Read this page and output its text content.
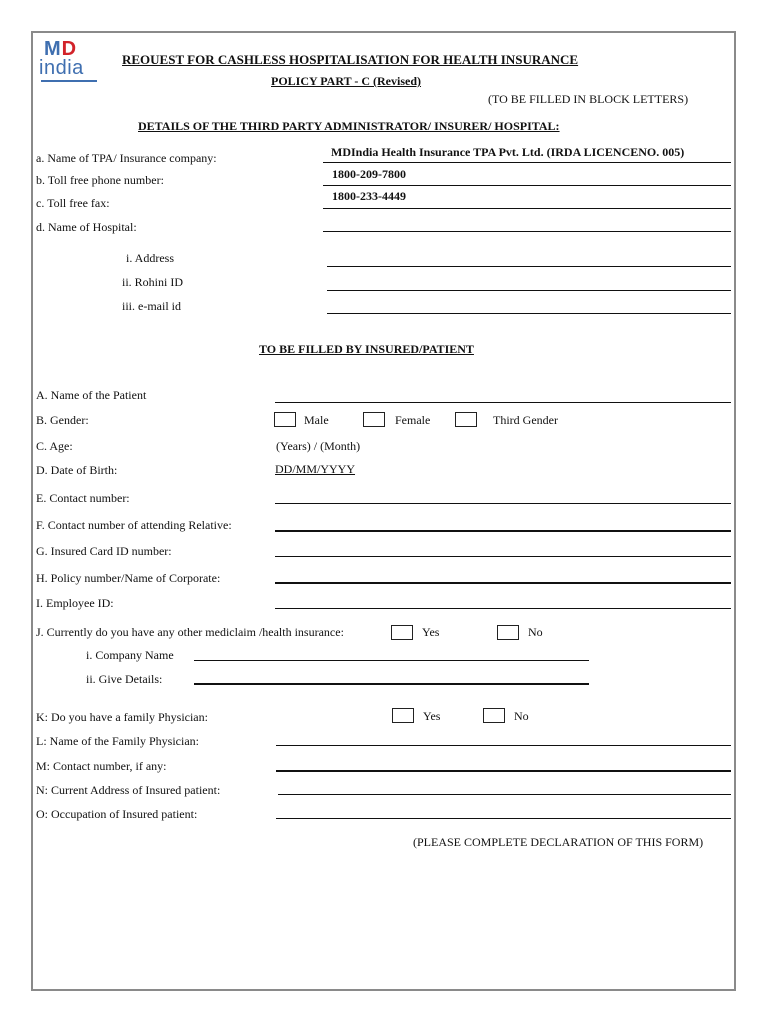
MD
india	REOUEST FOR CASHLESS HOSPITALISATION FOR HEALTH INSURANCE
POLICY PART - C (Revised)
(TO BE FILLED IN BLOCK LETTERS)
DETAILS OF THE THIRD PARTY ADMINISTRATOR/ INSURER/ HOSPITAL:
a. Name of TPA/ Insurance company:	MDIndia Health Insurance TPA Pvt. Ltd. (IRDA LICENCENO. 005)
b. Toll free phone number:	1800-209-7800
c. Toll free fax:	1800-233-4449
d. Name of Hospital:
i. Address
ii. Rohini ID
iii. e-mail id
TO BE FILLED BY INSURED/PATIENT
A. Name of the Patient
B. Gender:	Male	Female	Third Gender
C. Age:	(Years) / (Month)
D. Date of Birth:	DD/MM/YYYY
E. Contact number:
F. Contact number of attending Relative:
G. Insured Card ID number:
H. Policy number/Name of Corporate:
I. Employee ID:
J. Currently do you have any other mediclaim /health insurance:	Yes	No
i. Company Name
ii. Give Details:
K: Do you have a family Physician:	Yes	No
L: Name of the Family Physician:
M: Contact number, if any:
N: Current Address of Insured patient:
O: Occupation of Insured patient:
(PLEASE COMPLETE DECLARATION OF THIS FORM)
